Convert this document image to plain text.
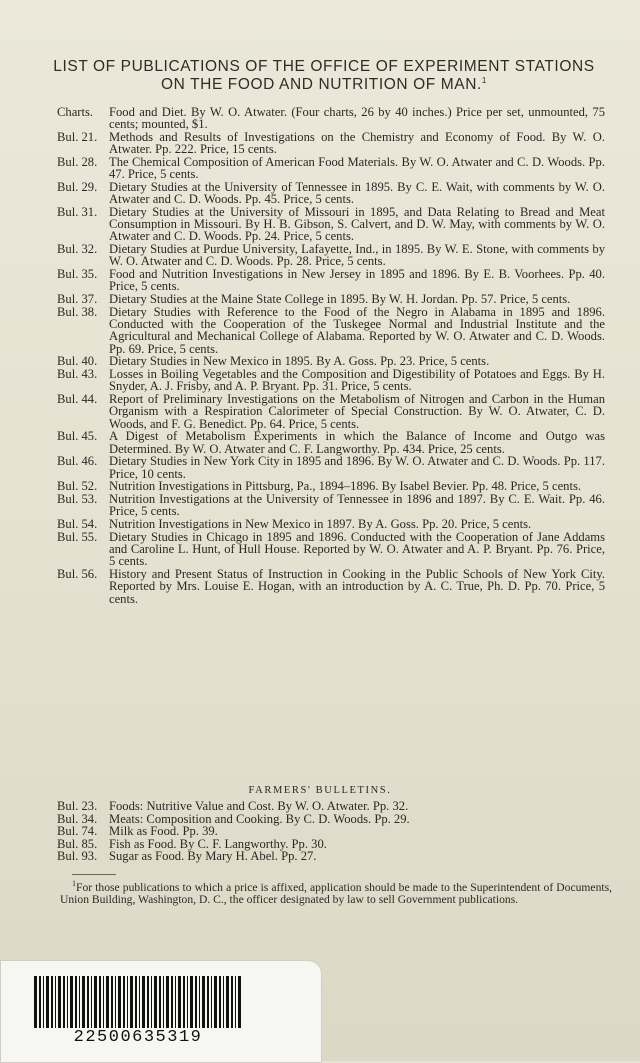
LIST OF PUBLICATIONS OF THE OFFICE OF EXPERIMENT STATIONS ON THE FOOD AND NUTRITION OF MAN.$^1$
Charts.	Food and Diet. By W. O. Atwater. (Four charts, 26 by 40 inches.) Price per set, unmounted, 75 cents; mounted, $1.
Bul. 21. Methods and Results of Investigations on the Chemistry and Economy of Food. By W. O. Atwater. Pp. 222. Price, 15 cents.
Bul. 28. The Chemical Composition of American Food Materials. By W. O. Atwater and C. D. Woods. Pp. 47. Price, 5 cents.
Bul. 29. Dietary Studies at the University of Tennessee in 1895. By C. E. Wait, with comments by W. O. Atwater and C. D. Woods. Pp. 45. Price, 5 cents.
Bul. 31. Dietary Studies at the University of Missouri in 1895, and Data Relating to Bread and Meat Consumption in Missouri. By H. B. Gibson, S. Calvert, and D. W. May, with comments by W. O. Atwater and C. D. Woods. Pp. 24. Price, 5 cents.
Bul. 32. Dietary Studies at Purdue University, Lafayette, Ind., in 1895. By W. E. Stone, with comments by W. O. Atwater and C. D. Woods. Pp. 28. Price, 5 cents.
Bul. 35. Food and Nutrition Investigations in New Jersey in 1895 and 1896. By E. B. Voorhees. Pp. 40. Price, 5 cents.
Bul. 37. Dietary Studies at the Maine State College in 1895. By W. H. Jordan. Pp. 57. Price, 5 cents.
Bul. 38. Dietary Studies with Reference to the Food of the Negro in Alabama in 1895 and 1896. Conducted with the Cooperation of the Tuskegee Normal and Industrial Institute and the Agricultural and Mechanical College of Alabama. Reported by W. O. Atwater and C. D. Woods. Pp. 69. Price, 5 cents.
Bul. 40. Dietary Studies in New Mexico in 1895. By A. Goss. Pp. 23. Price, 5 cents.
Bul. 43. Losses in Boiling Vegetables and the Composition and Digestibility of Potatoes and Eggs. By H. Snyder, A. J. Frisby, and A. P. Bryant. Pp. 31. Price, 5 cents.
Bul. 44. Report of Preliminary Investigations on the Metabolism of Nitrogen and Carbon in the Human Organism with a Respiration Calorimeter of Special Construction. By W. O. Atwater, C. D. Woods, and F. G. Benedict. Pp. 64. Price, 5 cents.
Bul. 45. A Digest of Metabolism Experiments in which the Balance of Income and Outgo was Determined. By W. O. Atwater and C. F. Langworthy. Pp. 434. Price, 25 cents.
Bul. 46. Dietary Studies in New York City in 1895 and 1896. By W. O. Atwater and C. D. Woods. Pp. 117. Price, 10 cents.
Bul. 52. Nutrition Investigations in Pittsburg, Pa., 1894–1896. By Isabel Bevier. Pp. 48. Price, 5 cents.
Bul. 53. Nutrition Investigations at the University of Tennessee in 1896 and 1897. By C. E. Wait. Pp. 46. Price, 5 cents.
Bul. 54. Nutrition Investigations in New Mexico in 1897. By A. Goss. Pp. 20. Price, 5 cents.
Bul. 55. Dietary Studies in Chicago in 1895 and 1896. Conducted with the Cooperation of Jane Addams and Caroline L. Hunt, of Hull House. Reported by W. O. Atwater and A. P. Bryant. Pp. 76. Price, 5 cents.
Bul. 56. History and Present Status of Instruction in Cooking in the Public Schools of New York City. Reported by Mrs. Louise E. Hogan, with an introduction by A. C. True, Ph. D. Pp. 70. Price, 5 cents.
FARMERS' BULLETINS.
Bul. 23. Foods: Nutritive Value and Cost. By W. O. Atwater. Pp. 32.
Bul. 34. Meats: Composition and Cooking. By C. D. Woods. Pp. 29.
Bul. 74. Milk as Food. Pp. 39.
Bul. 85. Fish as Food. By C. F. Langworthy. Pp. 30.
Bul. 93. Sugar as Food. By Mary H. Abel. Pp. 27.
$^1$For those publications to which a price is affixed, application should be made to the Superintendent of Documents, Union Building, Washington, D. C., the officer designated by law to sell Government publications.
22500635319
